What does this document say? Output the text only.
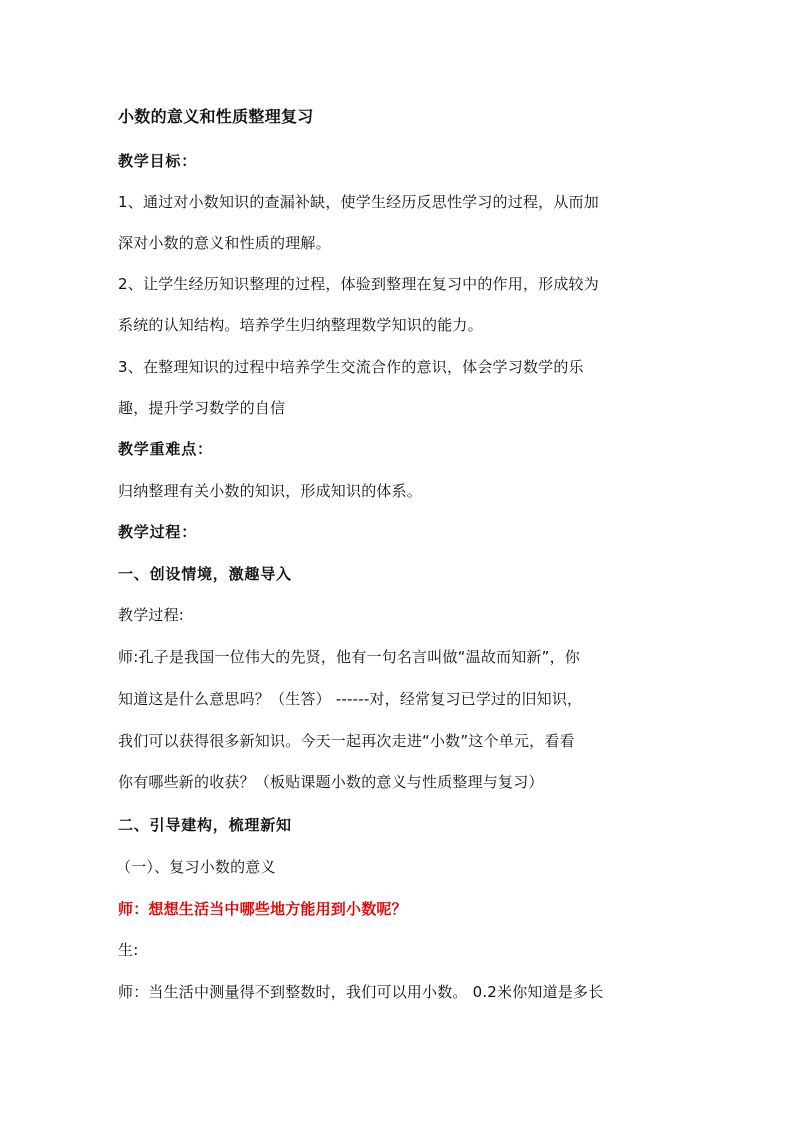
小数的意义和性质整理复习
教学目标：
1、通过对小数知识的查漏补缺，使学生经历反思性学习的过程，从而加
深对小数的意义和性质的理解。
2、让学生经历知识整理的过程，体验到整理在复习中的作用，形成较为
系统的认知结构。培养学生归纳整理数学知识的能力。
3、在整理知识的过程中培养学生交流合作的意识，体会学习数学的乐
趣，提升学习数学的自信
教学重难点：
归纳整理有关小数的知识，形成知识的体系。
教学过程：
一、创设情境，激趣导入
教学过程:
师:孔子是我国一位伟大的先贤，他有一句名言叫做“温故而知新”，你
知道这是什么意思吗？（生答） ------对，经常复习已学过的旧知识，
我们可以获得很多新知识。今天一起再次走进“小数”这个单元，看看
你有哪些新的收获？（板贴课题小数的意义与性质整理与复习）
二、引导建构，梳理新知
（一）、复习小数的意义
师：想想生活当中哪些地方能用到小数呢？
生:
师：当生活中测量得不到整数时，我们可以用小数。 0.2米你知道是多长
